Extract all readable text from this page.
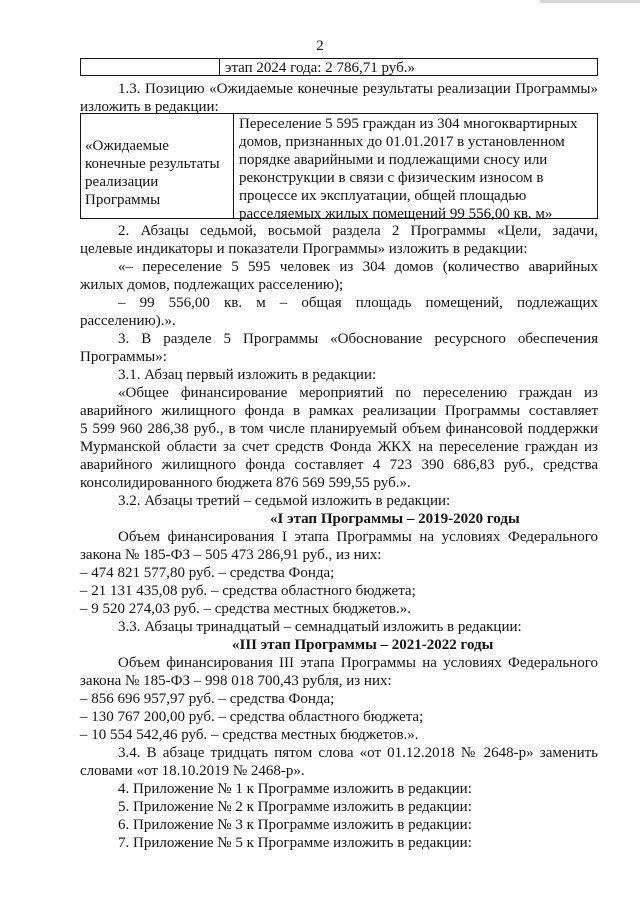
2
этап 2024 года: 2 786,71 руб.»
1.3. Позицию «Ожидаемые конечные результаты реализации Программы»
изложить в редакции:
«Ожидаемые
конечные результаты
реализации
Программы
Переселение 5 595 граждан из 304 многоквартирных
домов, признанных до 01.01.2017 в установленном
порядке аварийными и подлежащими сносу или
реконструкции в связи с физическим износом в
процессе их эксплуатации, общей площадью
расселяемых жилых помещений 99 556,00 кв. м»
2. Абзацы седьмой, восьмой раздела 2 Программы «Цели, задачи,
целевые индикаторы и показатели Программы» изложить в редакции:
«– переселение 5 595 человек из 304 домов (количество аварийных
жилых домов, подлежащих расселению);
– 99 556,00 кв. м – общая площадь помещений, подлежащих
расселению).».
3. В разделе 5 Программы «Обоснование ресурсного обеспечения
Программы»:
3.1. Абзац первый изложить в редакции:
«Общее финансирование мероприятий по переселению граждан из
аварийного жилищного фонда в рамках реализации Программы составляет
5 599 960 286,38 руб., в том числе планируемый объем финансовой поддержки
Мурманской области за счет средств Фонда ЖКХ на переселение граждан из
аварийного жилищного фонда составляет 4 723 390 686,83 руб., средства
консолидированного бюджета 876 569 599,55 руб.».
3.2. Абзацы третий – седьмой изложить в редакции:
«I этап Программы – 2019-2020 годы
Объем финансирования I этапа Программы на условиях Федерального
закона № 185-ФЗ – 505 473 286,91 руб., из них:
– 474 821 577,80 руб. – средства Фонда;
– 21 131 435,08 руб. – средства областного бюджета;
– 9 520 274,03 руб. – средства местных бюджетов.».
3.3. Абзацы тринадцатый – семнадцатый изложить в редакции:
«III этап Программы – 2021-2022 годы
Объем финансирования III этапа Программы на условиях Федерального
закона № 185-ФЗ – 998 018 700,43 рубля, из них:
– 856 696 957,97 руб. – средства Фонда;
– 130 767 200,00 руб. – средства областного бюджета;
– 10 554 542,46 руб. – средства местных бюджетов.».
3.4. В абзаце тридцать пятом слова «от 01.12.2018 № 2648-р» заменить
словами «от 18.10.2019 № 2468-р».
4. Приложение № 1 к Программе изложить в редакции:
5. Приложение № 2 к Программе изложить в редакции:
6. Приложение № 3 к Программе изложить в редакции:
7. Приложение № 5 к Программе изложить в редакции:
